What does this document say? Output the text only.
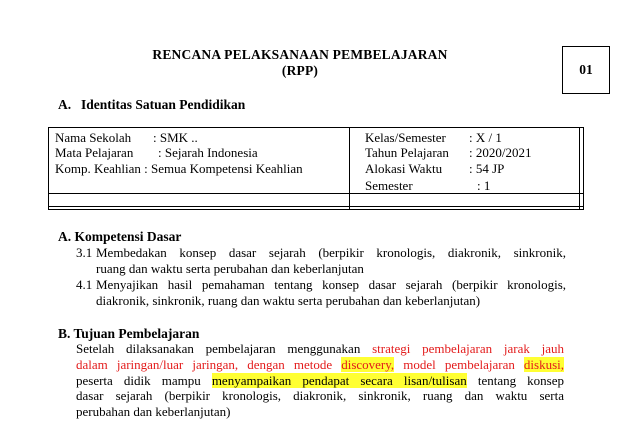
RENCANA PELAKSANAAN PEMBELAJARAN
(RPP)	01
A. Identitas Satuan Pendidikan
Nama Sekolah : SMK ..
Mata Pelajaran : Sejarah Indonesia
Komp. Keahlian : Semua Kompetensi Keahlian
Kelas/Semester : X / 1
Tahun Pelajaran : 2020/2021
Alokasi Waktu : 54 JP
Semester	: 1
A. Kompetensi Dasar
3.1 Membedakan konsep dasar sejarah (berpikir kronologis, diakronik, sinkronik,
ruang dan waktu serta perubahan dan keberlanjutan
4.1 Menyajikan hasil pemahaman tentang konsep dasar sejarah (berpikir kronologis,
diakronik, sinkronik, ruang dan waktu serta perubahan dan keberlanjutan)
B. Tujuan Pembelajaran
Setelah dilaksanakan pembelajaran menggunakan strategi pembelajaran jarak jauh
dalam jaringan/luar jaringan, dengan metode discovery, model pembelajaran diskusi,
peserta didik mampu menyampaikan pendapat secara lisan/tulisan tentang konsep
dasar sejarah (berpikir kronologis, diakronik, sinkronik, ruang dan waktu serta
perubahan dan keberlanjutan)
